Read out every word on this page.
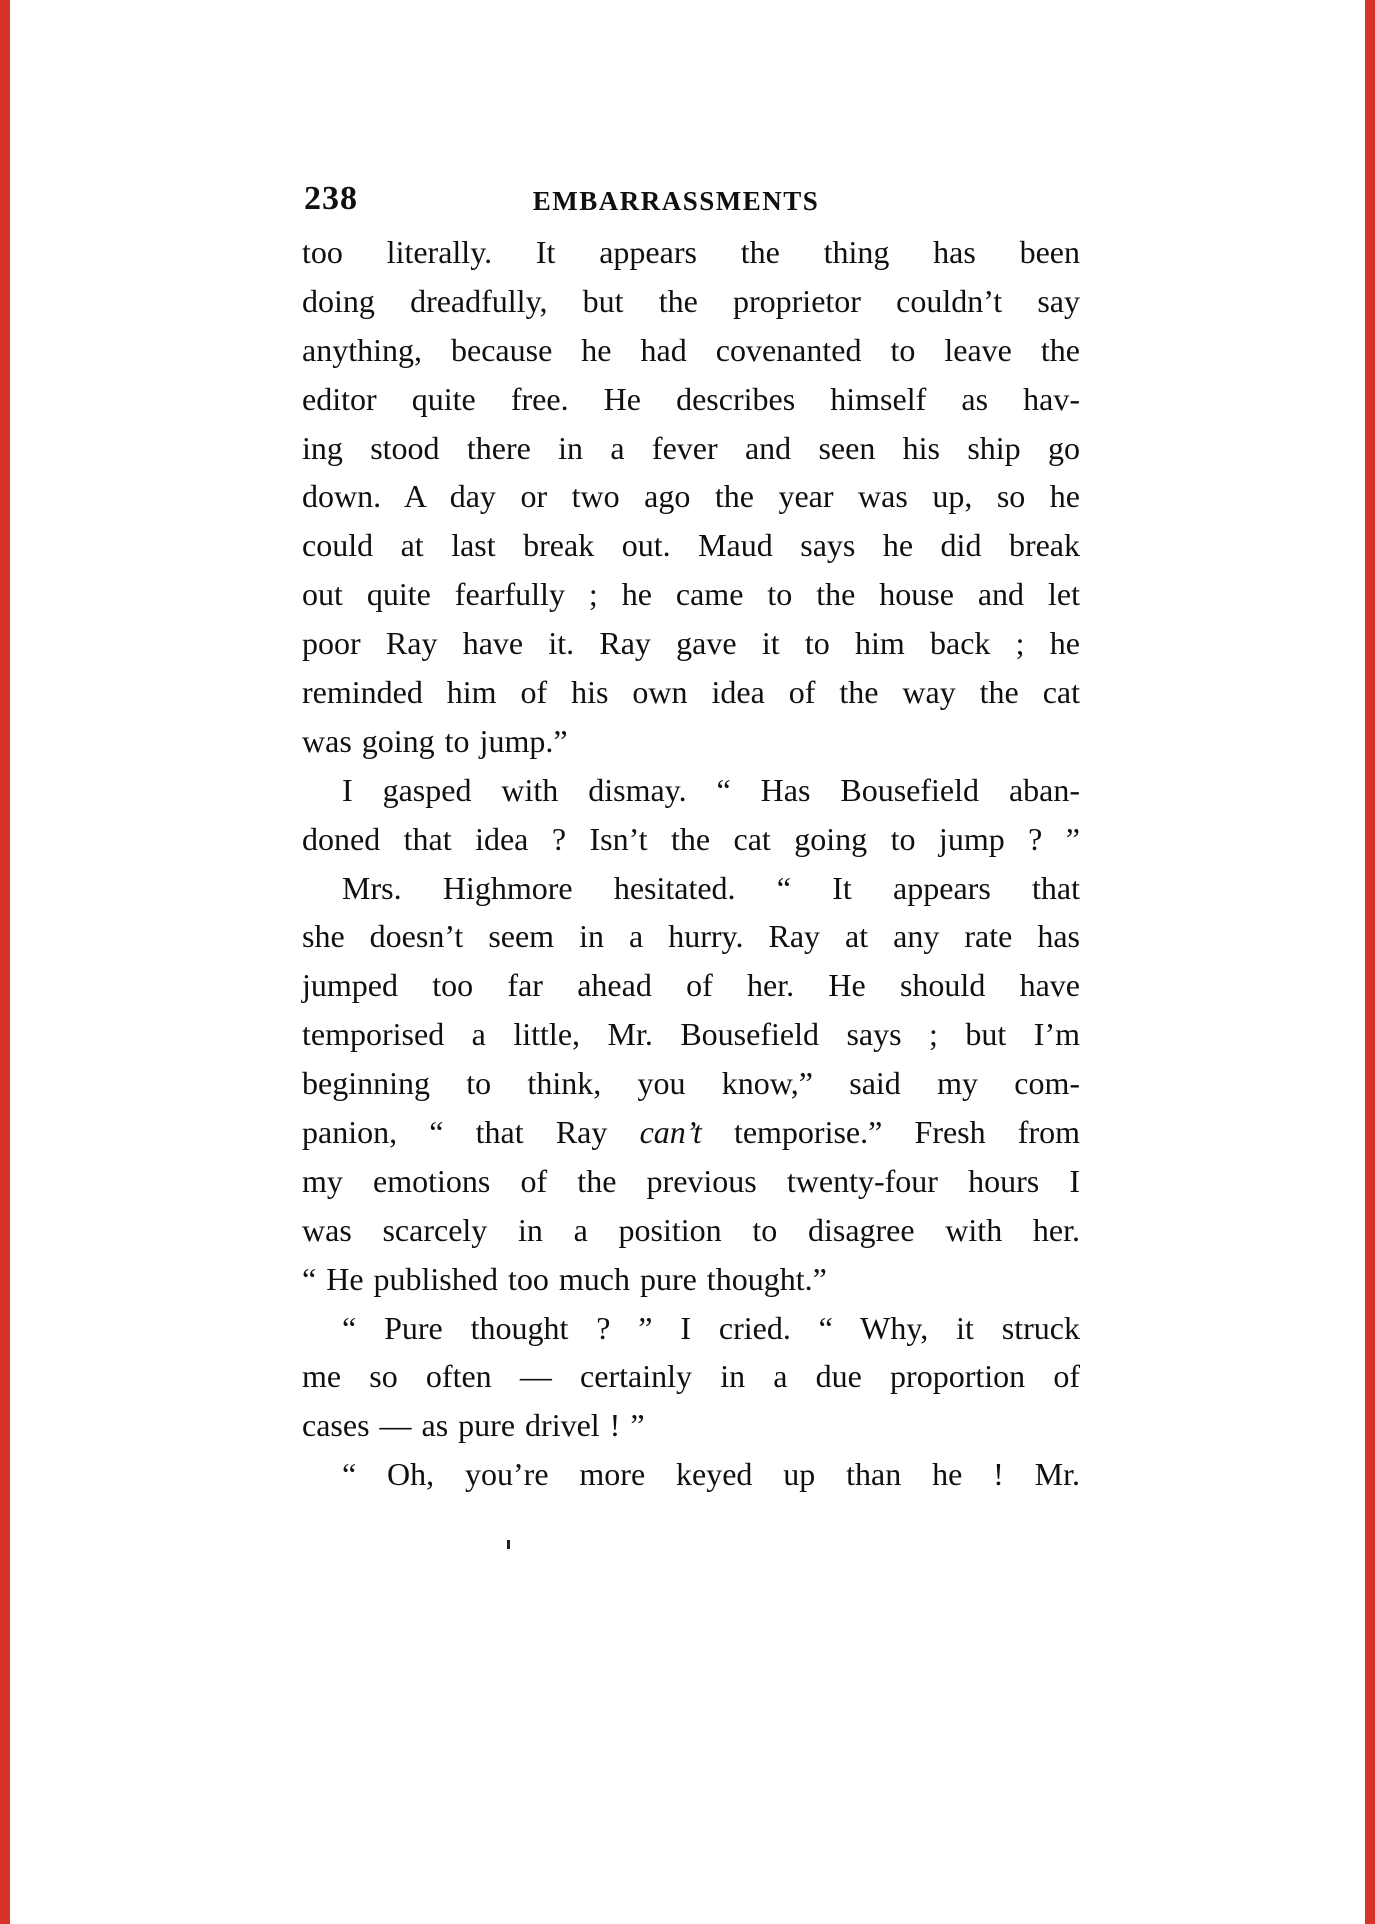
238	EMBARRASSMENTS
too literally. It appears the thing has been
doing dreadfully, but the proprietor couldn’t say
anything, because he had covenanted to leave the
editor quite free. He describes himself as hav-
ing stood there in a fever and seen his ship go
down. A day or two ago the year was up, so he
could at last break out. Maud says he did break
out quite fearfully ; he came to the house and let
poor Ray have it. Ray gave it to him back ; he
reminded him of his own idea of the way the cat
was going to jump.”
I gasped with dismay. “ Has Bousefield aban-
doned that idea ? Isn’t the cat going to jump ? ”
Mrs. Highmore hesitated. “ It appears that
she doesn’t seem in a hurry. Ray at any rate has
jumped too far ahead of her. He should have
temporised a little, Mr. Bousefield says ; but I’m
beginning to think, you know,” said my com-
panion, “ that Ray can’t temporise.” Fresh from
my emotions of the previous twenty-four hours I
was scarcely in a position to disagree with her.
“ He published too much pure thought.”
“ Pure thought ? ” I cried. “ Why, it struck
me so often — certainly in a due proportion of
cases — as pure drivel ! ”
“ Oh, you’re more keyed up than he ! Mr.
